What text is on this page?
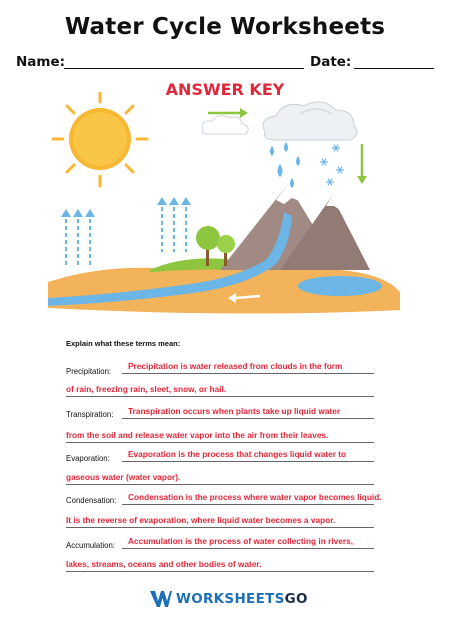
Water Cycle Worksheets
Name:	Date:
ANSWER KEY
Explain what these terms mean:
Precipitation:
Precipitation is water released from clouds in the form
of rain, freezing rain, sleet, snow, or hail.
Transpiration: Transpiration occurs when plants take up liquid water
from the soil and release water vapor into the air from their leaves.
Evaporation: Evaporation is the process that changes liquid water to
gaseous water (water vapor).
Condensation: Condensation is the process where water vapor becomes liquid.
It is the reverse of evaporation, where liquid water becomes a vapor.
Accumulation: Accumulation is the process of water collecting in rivers,
lakes, streams, oceans and other bodies of water.
WORKSHEETSGO
